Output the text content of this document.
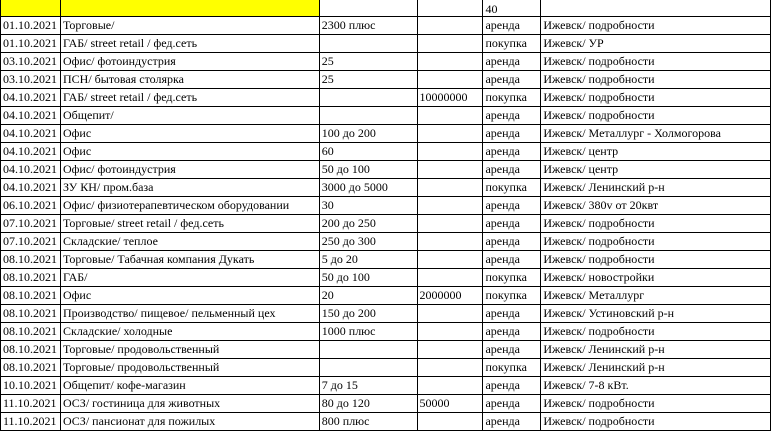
				40	
01.10.2021	Торговые/	2300 плюс		аренда	Ижевск/ подробности
01.10.2021	ГАБ/ street retail / фед.сеть			покупка	Ижевск/ УР
03.10.2021	Офис/ фотоиндустрия	25		аренда	Ижевск/ подробности
03.10.2021	ПСН/ бытовая столярка	25		аренда	Ижевск/ подробности
04.10.2021	ГАБ/ street retail / фед.сеть		10000000	покупка	Ижевск/ подробности
04.10.2021	Общепит/			аренда	Ижевск/ подробности
04.10.2021	Офис	100 до 200		аренда	Ижевск/ Металлург - Холмогорова
04.10.2021	Офис	60		аренда	Ижевск/ центр
04.10.2021	Офис/ фотоиндустрия	50 до 100		аренда	Ижевск/ центр
04.10.2021	ЗУ КН/ пром.база	3000 до 5000		покупка	Ижевск/ Ленинский р-н
06.10.2021	Офис/ физиотерапевтическом оборудовании	30		аренда	Ижевск/ 380v от 20квт
07.10.2021	Торговые/ street retail / фед.сеть	200 до 250		аренда	Ижевск/ подробности
07.10.2021	Складские/ теплое	250 до 300		аренда	Ижевск/ подробности
08.10.2021	Торговые/ Табачная компания Дукать	5 до 20		аренда	Ижевск/ подробности
08.10.2021	ГАБ/	50 до 100		покупка	Ижевск/ новостройки
08.10.2021	Офис	20	2000000	покупка	Ижевск/ Металлург
08.10.2021	Производство/ пищевое/ пельменный цех	150 до 200		аренда	Ижевск/ Устиновский р-н
08.10.2021	Складские/ холодные	1000 плюс		аренда	Ижевск/ подробности
08.10.2021	Торговые/ продовольственный			аренда	Ижевск/ Ленинский р-н
08.10.2021	Торговые/ продовольственный			покупка	Ижевск/ Ленинский р-н
10.10.2021	Общепит/ кофе-магазин	7 до 15		аренда	Ижевск/ 7-8 кВт.
11.10.2021	ОСЗ/ гостиница для животных	80 до 120	50000	аренда	Ижевск/ подробности
11.10.2021	ОСЗ/ пансионат для пожилых	800 плюс		аренда	Ижевск/ подробности
